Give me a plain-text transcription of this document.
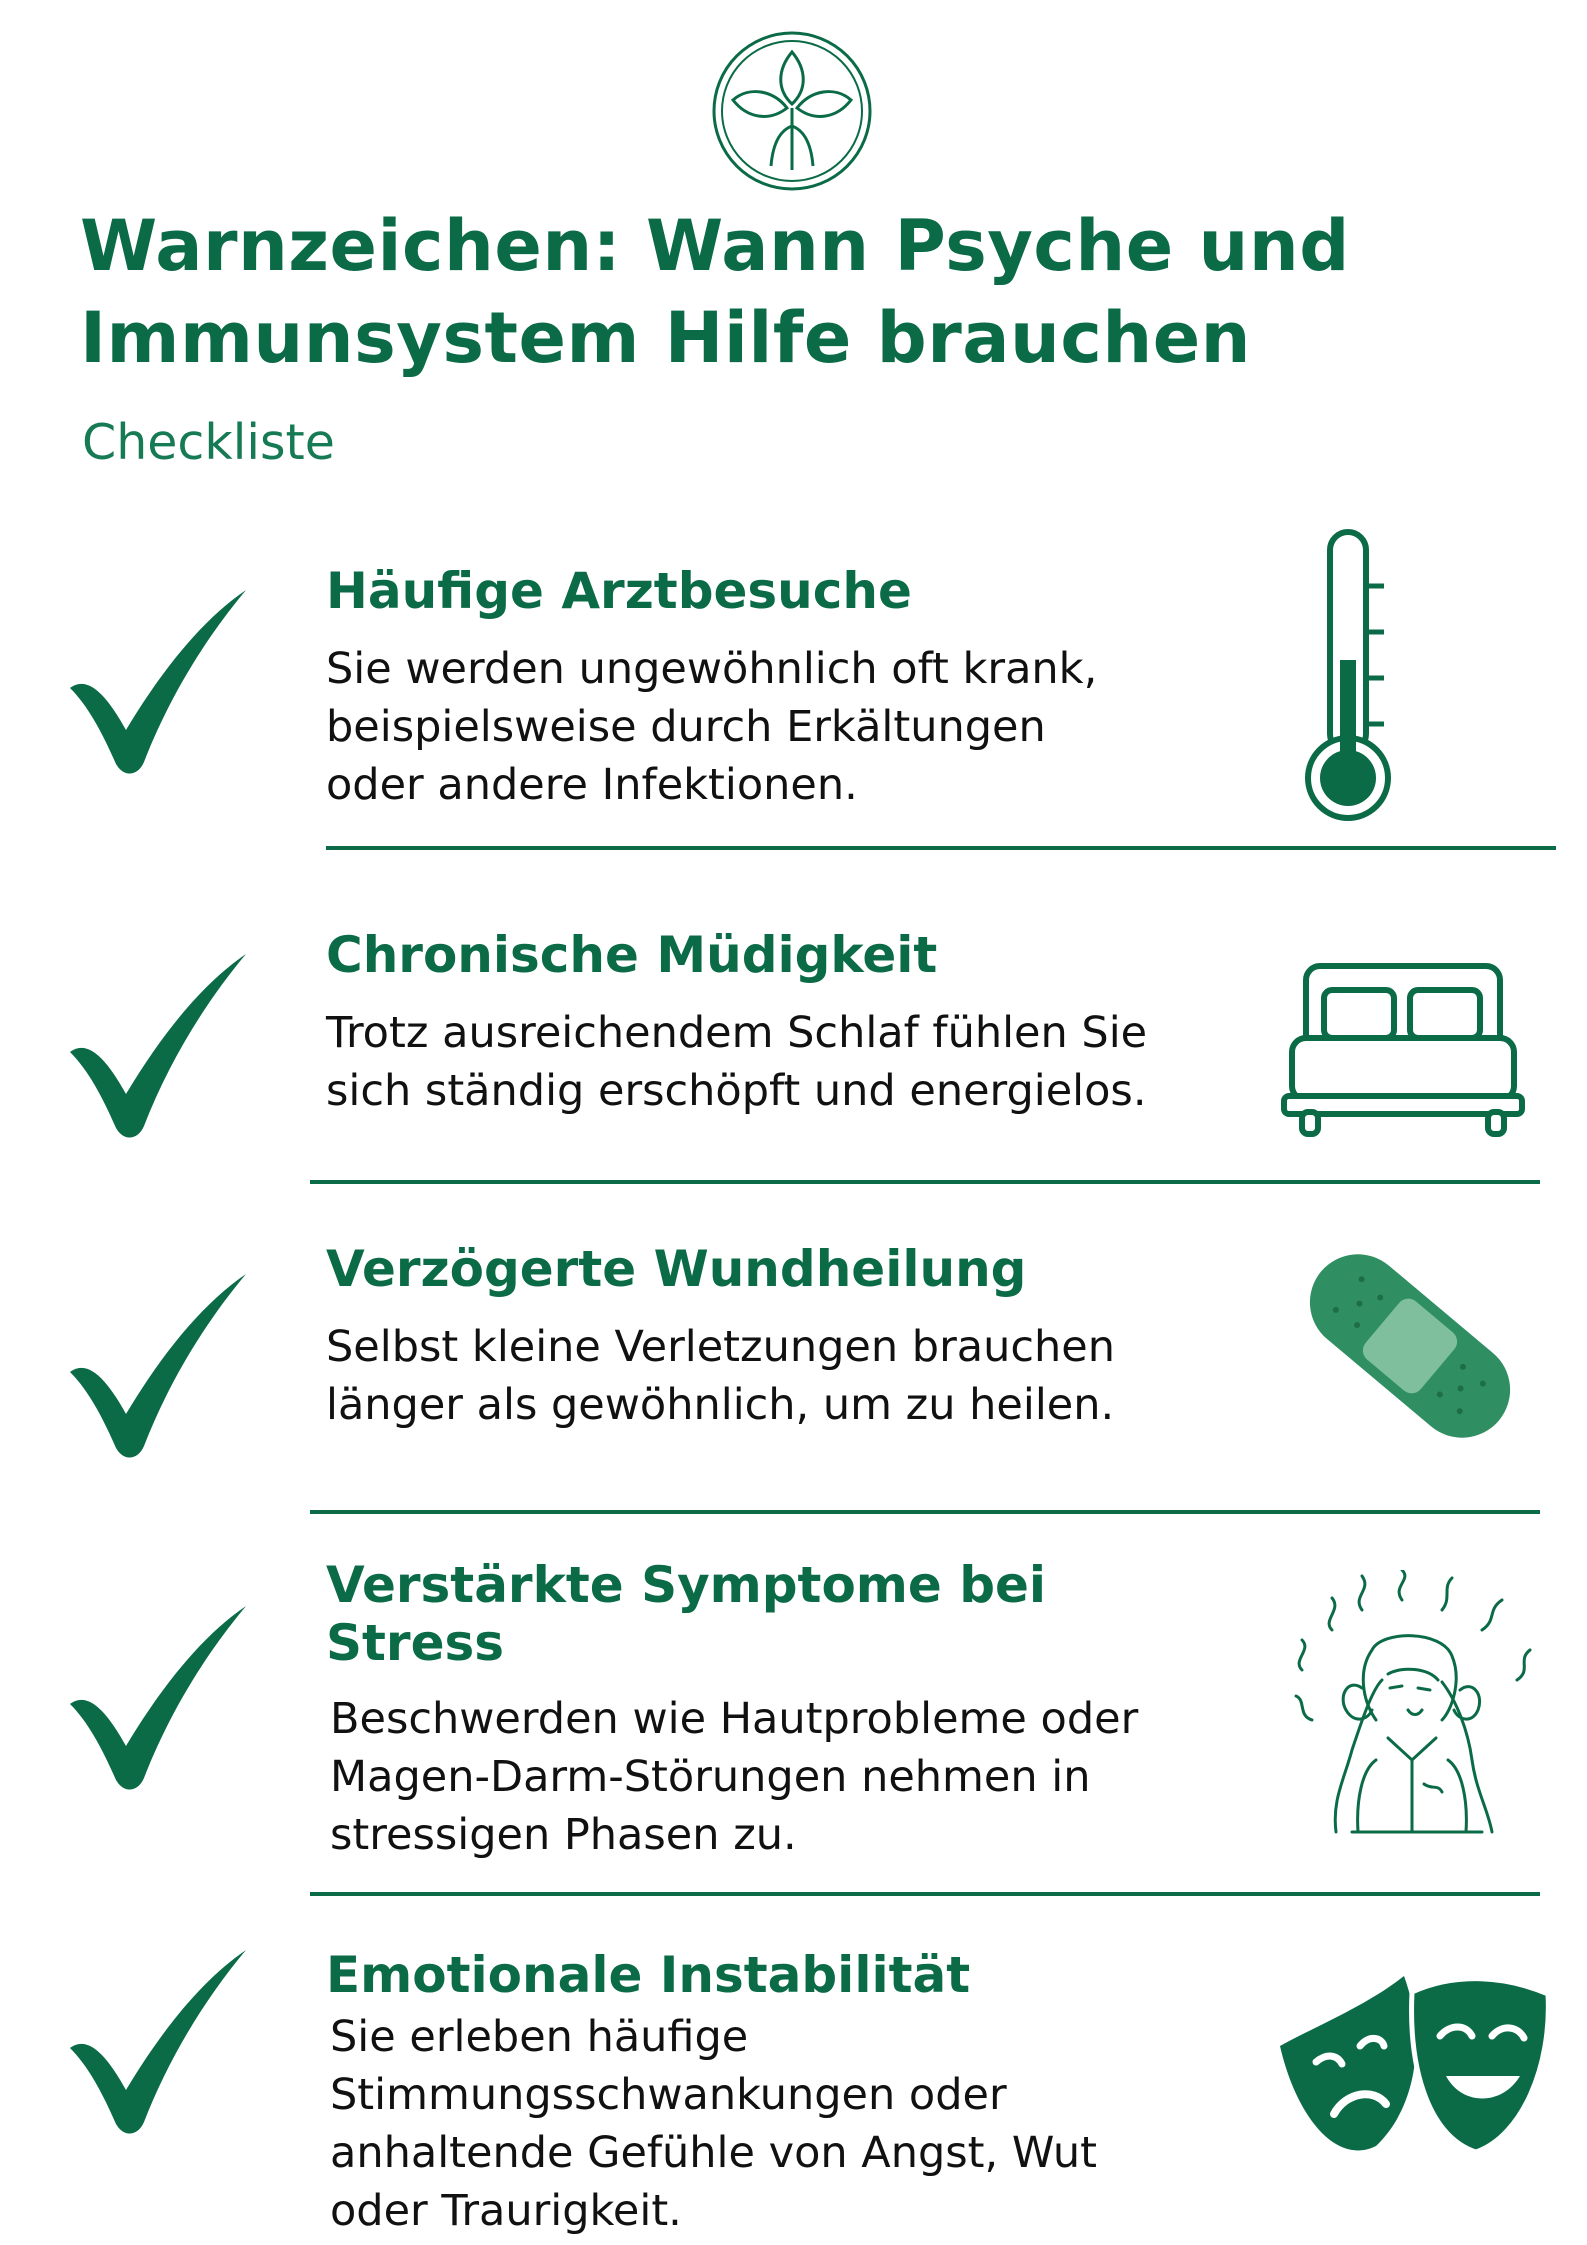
Warnzeichen: Wann Psyche und
Immunsystem Hilfe brauchen
Checkliste
Häufige Arztbesuche
Sie werden ungewöhnlich oft krank,
beispielsweise durch Erkältungen
oder andere Infektionen.
Chronische Müdigkeit
Trotz ausreichendem Schlaf fühlen Sie
sich ständig erschöpft und energielos.
Verzögerte Wundheilung
Selbst kleine Verletzungen brauchen
länger als gewöhnlich, um zu heilen.
Verstärkte Symptome bei
Stress
Beschwerden wie Hautprobleme oder
Magen-Darm-Störungen nehmen in
stressigen Phasen zu.
Emotionale Instabilität
Sie erleben häufige
Stimmungsschwankungen oder
anhaltende Gefühle von Angst, Wut
oder Traurigkeit.
